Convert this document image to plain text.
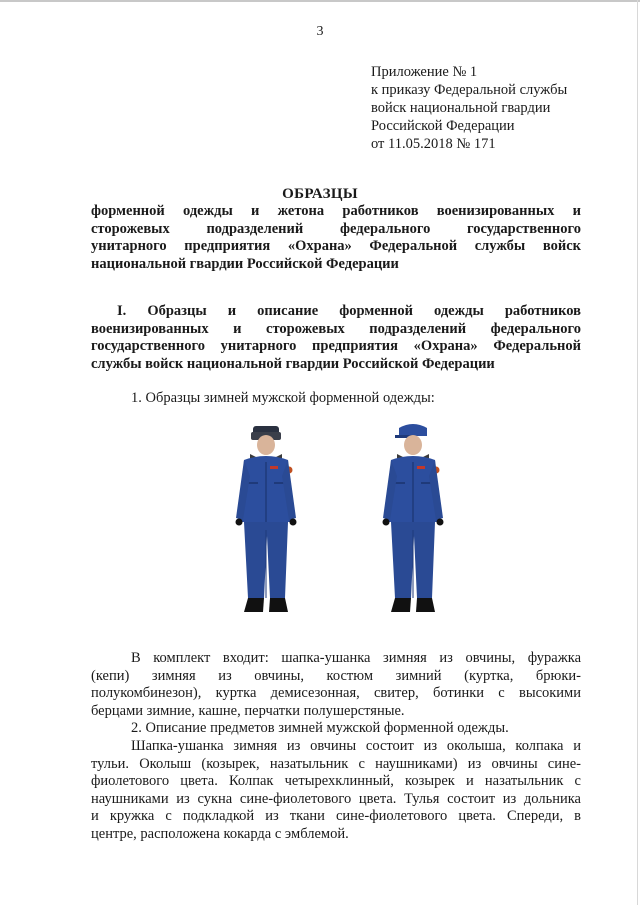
3
Приложение № 1
к приказу Федеральной службы
войск национальной гвардии
Российской Федерации
от 11.05.2018 № 171
ОБРАЗЦЫ
форменной одежды и жетона работников военизированных и
сторожевых подразделений федерального государственного
унитарного предприятия «Охрана» Федеральной службы войск
национальной гвардии Российской Федерации
I. Образцы и описание форменной одежды работников
военизированных и сторожевых подразделений федерального
государственного унитарного предприятия «Охрана» Федеральной
службы войск национальной гвардии Российской Федерации
1. Образцы зимней мужской форменной одежды:
В комплект входит: шапка-ушанка зимняя из овчины, фуражка
(кепи) зимняя из овчины, костюм зимний (куртка, брюки-
полукомбинезон), куртка демисезонная, свитер, ботинки с высокими
берцами зимние, кашне, перчатки полушерстяные.
2. Описание предметов зимней мужской форменной одежды.
Шапка-ушанка зимняя из овчины состоит из околыша, колпака и
тульи. Околыш (козырек, назатыльник с наушниками) из овчины сине-
фиолетового цвета. Колпак четырехклинный, козырек и назатыльник с
наушниками из сукна сине-фиолетового цвета. Тулья состоит из дольника
и кружка с подкладкой из ткани сине-фиолетового цвета. Спереди, в
центре, расположена кокарда с эмблемой.
